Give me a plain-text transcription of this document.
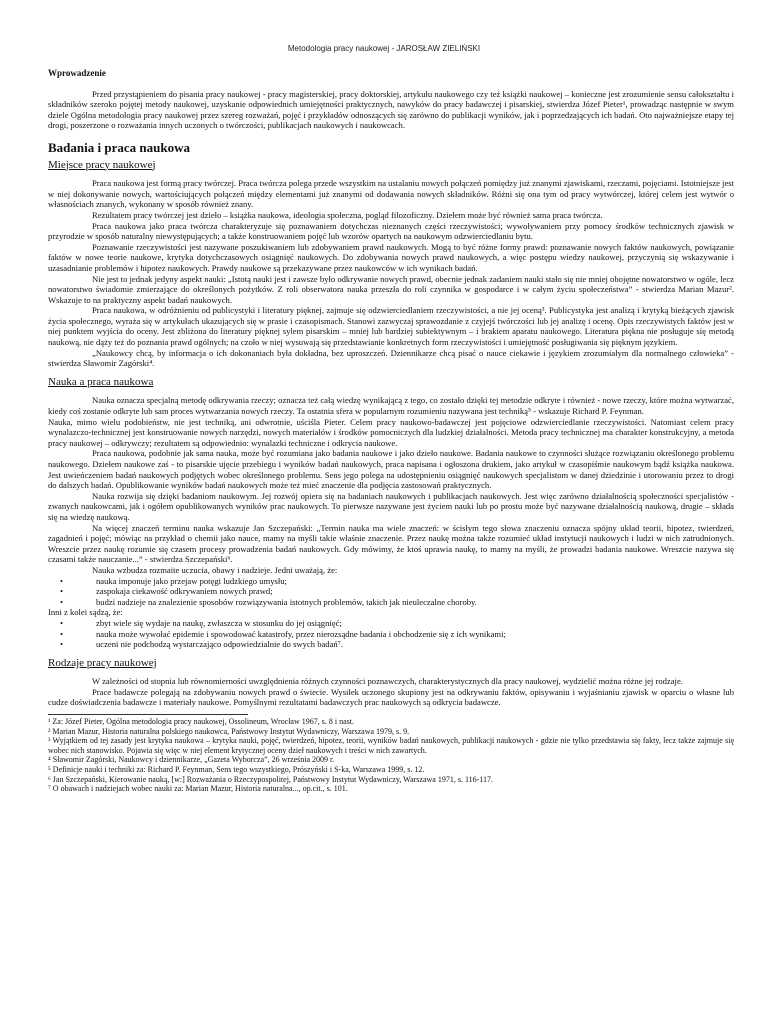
Metodologia pracy naukowej - JAROSŁAW ZIELIŃSKI

Wprowadzenie

Przed przystąpieniem do pisania pracy naukowej - pracy magisterskiej, pracy doktorskiej, artykułu naukowego czy też książki naukowej – konieczne jest zrozumienie sensu całokształtu i składników szeroko pojętej metody naukowej, uzyskanie odpowiednich umiejętności praktycznych, nawyków do pracy badawczej i pisarskiej, stwierdza Józef Pieter¹, prowadząc następnie w swym dziele Ogólna metodologia pracy naukowej przez szereg rozważań, pojęć i przykładów odnoszących się zarówno do publikacji wyników, jak i poprzedzających ich badań. Oto najważniejsze etapy tej drogi, poszerzone o rozważania innych uczonych o twórczości, publikacjach naukowych i naukowcach.

Badania i praca naukowa

Miejsce pracy naukowej

Praca naukowa jest formą pracy twórczej. Praca twórcza polega przede wszystkim na ustalaniu nowych połączeń pomiędzy już znanymi zjawiskami, rzeczami, pojęciami. Istotniejsze jest w niej dokonywanie nowych, wartościujących połączeń między elementami już znanymi od dodawania nowych składników. Różni się ona tym od pracy wytwórczej, której celem jest wytwór o własnościach znanych, wykonany w sposób również znany.

Rezultatem pracy twórczej jest dzieło – książka naukowa, ideologia społeczna, pogląd filozoficzny. Dziełem może być również sama praca twórcza.

Praca naukowa jako praca twórcza charakteryzuje się poznawaniem dotychczas nieznanych części rzeczywistości; wywoływaniem przy pomocy środków technicznych zjawisk w przyrodzie w sposób naturalny niewystępujących; a także konstruowaniem pojęć lub wzorów opartych na naukowym odzwierciedlaniu bytu.

Poznawanie rzeczywistości jest nazywane poszukiwaniem lub zdobywaniem prawd naukowych. Mogą to być różne formy prawd: poznawanie nowych faktów naukowych, powiązanie faktów w nowe teorie naukowe, krytyka dotychczasowych osiągnięć naukowych. Do zdobywania nowych prawd naukowych, a więc postępu wiedzy naukowej, przyczynią się wskazywanie i uzasadnianie problemów i hipotez naukowych. Prawdy naukowe są przekazywane przez naukowców w ich wynikach badań.

Nie jest to jednak jedyny aspekt nauki: „Istotą nauki jest i zawsze było odkrywanie nowych prawd, obecnie jednak zadaniem nauki stało się nie mniej obojętne nowatorstwo w ogóle, lecz nowatorstwo świadomie zmierzające do określonych pożytków. Z roli obserwatora nauka przeszła do roli czynnika w gospodarce i w całym życiu społeczeństwa” - stwierdza Marian Mazur². Wskazuje to na praktyczny aspekt badań naukowych.

Praca naukowa, w odróżnieniu od publicystyki i literatury pięknej, zajmuje się odzwierciedlaniem rzeczywistości, a nie jej oceną³. Publicystyka jest analizą i krytyką bieżących zjawisk życia społecznego, wyraża się w artykułach ukazujących się w prasie i czasopismach. Stanowi zazwyczaj sprawozdanie z czyjejś twórczości lub jej analizę i ocenę. Opis rzeczywistych faktów jest w niej punktem wyjścia do oceny. Jest zbliżona do literatury pięknej sylem pisarskim – mniej lub bardziej subiektywnym – i brakiem aparatu naukowego. Literatura piękna nie posługuje się metodą naukową, nie dąży też do poznania prawd ogólnych; na czoło w niej wysuwają się przedstawianie konkretnych form rzeczywistości i umiejętność posługiwania się pięknym językiem.

„Naukowcy chcą, by informacja o ich dokonaniach była dokładna, bez uproszczeń. Dziennikarze chcą pisać o nauce ciekawie i językiem zrozumiałym dla normalnego człowieka” - stwierdza Sławomir Zagórski⁴.

Nauka a praca naukowa

Nauka oznacza specjalną metodę odkrywania rzeczy; oznacza też całą wiedzę wynikającą z tego, co zostało dzięki tej metodzie odkryte i również - nowe rzeczy, które można wytwarzać, kiedy coś zostanie odkryte lub sam proces wytwarzania nowych rzeczy. Ta ostatnia sfera w popularnym rozumieniu nazywana jest techniką⁵ - wskazuje Richard P. Feynman.

Nauka, mimo wielu podobieństw, nie jest techniką, ani odwrotnie, uściśla Pieter. Celem pracy naukowo-badawczej jest pojęciowe odzwierciedlanie rzeczywistości. Natomiast celem pracy wynalazczo-technicznej jest konstruowanie nowych narzędzi, nowych materiałów i środków pomocniczych dla ludzkiej działalności. Metoda pracy technicznej ma charakter konstrukcyjny, a metoda pracy naukowej – odkrywczy; rezultatem są odpowiednio: wynalazki techniczne i odkrycia naukowe.

Praca naukowa, podobnie jak sama nauka, może być rozumiana jako badania naukowe i jako dzieło naukowe. Badania naukowe to czynności służące rozwiązaniu określonego problemu naukowego. Dziełem naukowe zaś - to pisarskie ujęcie przebiegu i wyników badań naukowych, praca napisana i ogłoszona drukiem, jako artykuł w czasopiśmie naukowym bądź książka naukowa. Jest uwieńczeniem badań naukowych podjętych wobec określonego problemu. Sens jego polega na udostępnieniu osiągnięć naukowych specjalistom w danej dziedzinie i utorowaniu przez to drogi do dalszych badań. Opublikowanie wyników badań naukowych może też mieć znaczenie dla podjęcia zastosowań praktycznych.

Nauka rozwija się dzięki badaniom naukowym. Jej rozwój opiera się na badaniach naukowych i publikacjach naukowych. Jest więc zarówno działalnością społeczności specjalistów - zwanych naukowcami, jak i ogółem opublikowanych wyników prac naukowych. To pierwsze nazywane jest życiem nauki lub po prostu może być nazywane działalnością naukową, drugie – składa się na wiedzę naukową.

Na więcej znaczeń terminu nauka wskazuje Jan Szczepański: „Termin nauka ma wiele znaczeń: w ścisłym tego słowa znaczeniu oznacza spójny układ teorii, hipotez, twierdzeń, zagadnień i pojęć; mówiąc na przykład o chemii jako nauce, mamy na myśli takie właśnie znaczenie. Przez naukę można także rozumieć układ instytucji naukowych i ludzi w nich zatrudnionych. Wreszcie przez naukę rozumie się czasem procesy prowadzenia badań naukowych. Gdy mówimy, że ktoś uprawia naukę, to mamy na myśli, że prowadzi badania naukowe. Wreszcie nazywa się czasami także nauczanie...” - stwierdza Szczepański⁶.

Nauka wzbudza rozmaite uczucia, obawy i nadzieje. Jedni uważają, że:

• nauka imponuje jako przejaw potęgi ludzkiego umysłu;
• zaspokaja ciekawość odkrywaniem nowych prawd;
• budzi nadzieje na znalezienie sposobów rozwiązywania istotnych problemów, takich jak nieuleczalne choroby.

Inni z kolei sądzą, że:

• zbyt wiele się wydaje na naukę, zwłaszcza w stosunku do jej osiągnięć;
• nauka może wywołać epidemie i spowodować katastrofy, przez nierozsądne badania i obchodzenie się z ich wynikami;
• uczeni nie podchodzą wystarczająco odpowiedzialnie do swych badań⁷.

Rodzaje pracy naukowej

W zależności od stopnia lub równomierności uwzględnienia różnych czynności poznawczych, charakterystycznych dla pracy naukowej, wydzielić można różne jej rodzaje.

Prace badawcze polegają na zdobywaniu nowych prawd o świecie. Wysiłek uczonego skupiony jest na odkrywaniu faktów, opisywaniu i wyjaśnianiu zjawisk w oparciu o własne lub cudze doświadczenia badawcze i materiały naukowe. Pomyślnymi rezultatami badawczych prac naukowych są odkrycia badawcze.

¹ Za: Józef Pieter, Ogólna metodologia pracy naukowej, Ossolineum, Wrocław 1967, s. 8 i nast.

² Marian Mazur, Historia naturalna polskiego naukowca, Państwowy Instytut Wydawniczy, Warszawa 1979, s. 9.

³ Wyjątkiem od tej zasady jest krytyka naukowa – krytyka nauki, pojęć, twierdzeń, hipotez, teorii, wyników badań naukowych, publikacji naukowych - gdzie nie tylko przedstawia się fakty, lecz także zajmuje się wobec nich stanowisko. Pojawia się więc w niej element krytycznej oceny dzieł naukowych i treści w nich zawartych.

⁴ Sławomir Zagórski, Naukowcy i dziennikarze, „Gazeta Wyborcza”, 26 września 2009 r.

⁵ Definicje nauki i techniki za: Richard P. Feynman, Sens tego wszystkiego, Prószyński i S-ka, Warszawa 1999, s. 12.

⁶ Jan Szczepański, Kierowanie nauką, [w:] Rozważania o Rzeczypospolitej, Państwowy Instytut Wydawniczy, Warszawa 1971, s. 116-117.

⁷ O obawach i nadziejach wobec nauki za: Marian Mazur, Historia naturalna..., op.cit., s. 101.
